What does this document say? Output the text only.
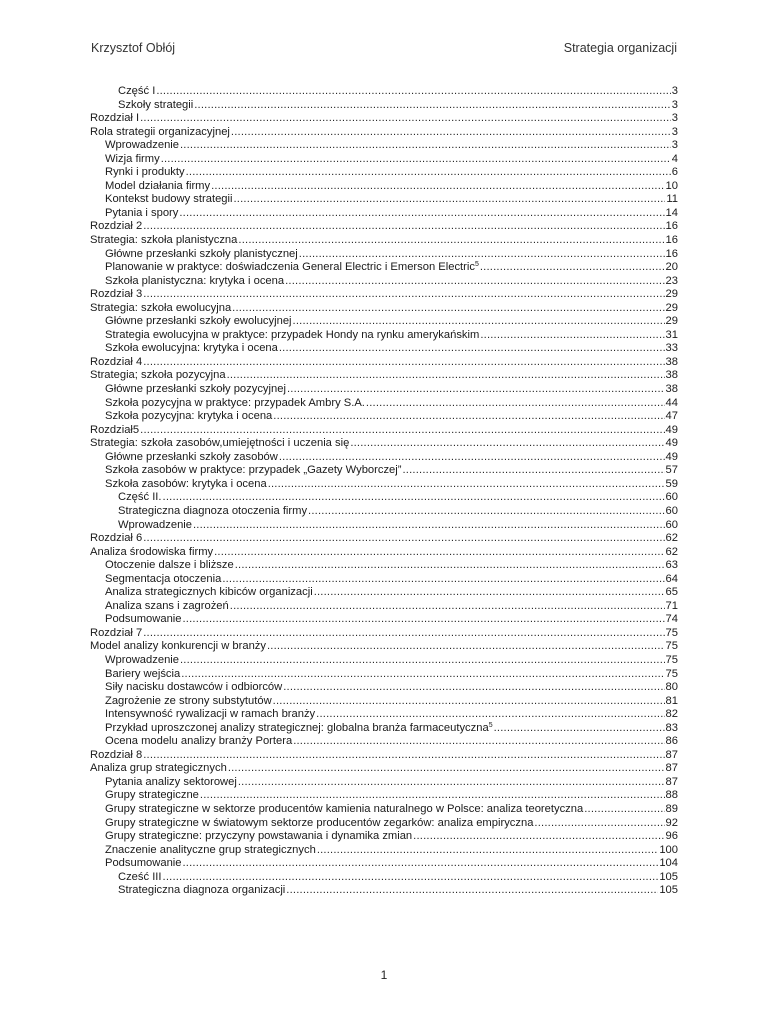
Krzysztof Obłój	Strategia organizacji
Część I .....	3
Szkoły strategii .....	3
Rozdział I .....	3
Rola strategii organizacyjnej .....	3
Wprowadzenie .....	3
Wizja firmy .....	4
Rynki i produkty .....	6
Model działania firmy .....	10
Kontekst budowy strategii .....	11
Pytania i spory .....	14
Rozdział 2 .....	16
Strategia: szkoła planistyczna .....	16
Główne przesłanki szkoły planistycznej .....	16
Planowanie w praktyce: doświadczenia General Electric i Emerson Electric$^5$ .....	20
Szkoła planistyczna: krytyka i ocena .....	23
Rozdział 3 .....	29
Strategia: szkoła ewolucyjna .....	29
Główne przesłanki szkoły ewolucyjnej .....	29
Strategia ewolucyjna w praktyce: przypadek Hondy na rynku amerykańskim .....	31
Szkoła ewolucyjna: krytyka i ocena .....	33
Rozdział 4 .....	38
Strategia; szkoła pozycyjna .....	38
Główne przesłanki szkoły pozycyjnej .....	38
Szkoła pozycyjna w praktyce: przypadek Ambry S.A. .....	44
Szkoła pozycyjna: krytyka i ocena .....	47
Rozdział5 .....	49
Strategia: szkoła zasobów,umiejętności i uczenia się .....	49
Główne przesłanki szkoły zasobów .....	49
Szkoła zasobów w praktyce: przypadek „Gazety Wyborczej” .....	57
Szkoła zasobów: krytyka i ocena .....	59
Część II. .....	60
Strategiczna diagnoza otoczenia firmy .....	60
Wprowadzenie .....	60
Rozdział 6 .....	62
Analiza środowiska firmy .....	62
Otoczenie dalsze i bliższe .....	63
Segmentacja otoczenia .....	64
Analiza strategicznych kibiców organizacji .....	65
Analiza szans i zagrożeń .....	71
Podsumowanie .....	74
Rozdział 7 .....	75
Model analizy konkurencji w branży .....	75
Wprowadzenie .....	75
Bariery wejścia .....	75
Siły nacisku dostawców i odbiorców .....	80
Zagrożenie ze strony substytutów .....	81
Intensywność rywalizacji w ramach branży .....	82
Przykład uproszczonej analizy strategicznej: globalna branża farmaceutyczna$^5$ .....	83
Ocena modelu analizy branży Portera .....	86
Rozdział 8 .....	87
Analiza grup strategicznych .....	87
Pytania analizy sektorowej .....	87
Grupy strategiczne .....	88
Grupy strategiczne w sektorze producentów kamienia naturalnego w Polsce: analiza teoretyczna .....	89
Grupy strategiczne w światowym sektorze producentów zegarków: analiza empiryczna .....	92
Grupy strategiczne: przyczyny powstawania i dynamika zmian .....	96
Znaczenie analityczne grup strategicznych .....	100
Podsumowanie .....	104
Cześć III .....	105
Strategiczna diagnoza organizacji .....	105
1
